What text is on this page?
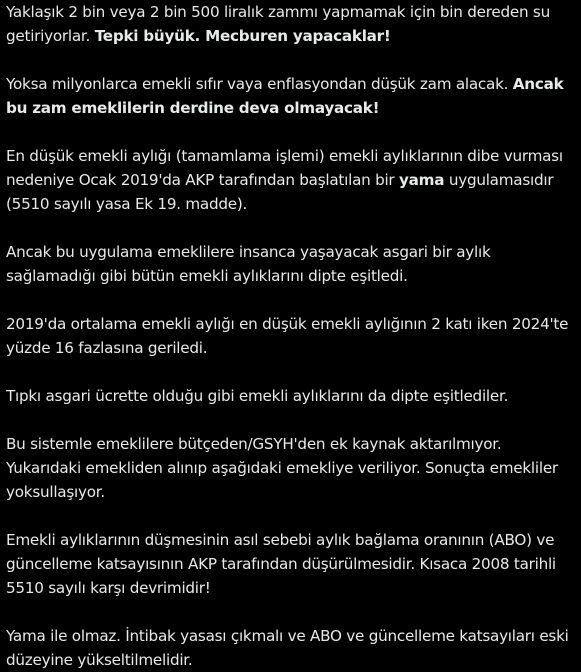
Yaklaşık 2 bin veya 2 bin 500 liralık zammı yapmamak için bin dereden su getiriyorlar. Tepki büyük. Mecburen yapacaklar!

Yoksa milyonlarca emekli sıfır vaya enflasyondan düşük zam alacak. Ancak bu zam emeklilerin derdine deva olmayacak!

En düşük emekli aylığı (tamamlama işlemi) emekli aylıklarının dibe vurması nedeniye Ocak 2019'da AKP tarafından başlatılan bir yama uygulamasıdır (5510 sayılı yasa Ek 19. madde).

Ancak bu uygulama emeklilere insanca yaşayacak asgari bir aylık sağlamadığı gibi bütün emekli aylıklarını dipte eşitledi.

2019'da ortalama emekli aylığı en düşük emekli aylığının 2 katı iken 2024'te yüzde 16 fazlasına geriledi.

Tıpkı asgari ücrette olduğu gibi emekli aylıklarını da dipte eşitlediler.

Bu sistemle emeklilere bütçeden/GSYH'den ek kaynak aktarılmıyor. Yukarıdaki emekliden alınıp aşağıdaki emekliye veriliyor. Sonuçta emekliler yoksullaşıyor.

Emekli aylıklarının düşmesinin asıl sebebi aylık bağlama oranının (ABO) ve güncelleme katsayısının AKP tarafından düşürülmesidir. Kısaca 2008 tarihli 5510 sayılı karşı devrimidir!

Yama ile olmaz. İntibak yasası çıkmalı ve ABO ve güncelleme katsayıları eski düzeyine yükseltilmelidir.
